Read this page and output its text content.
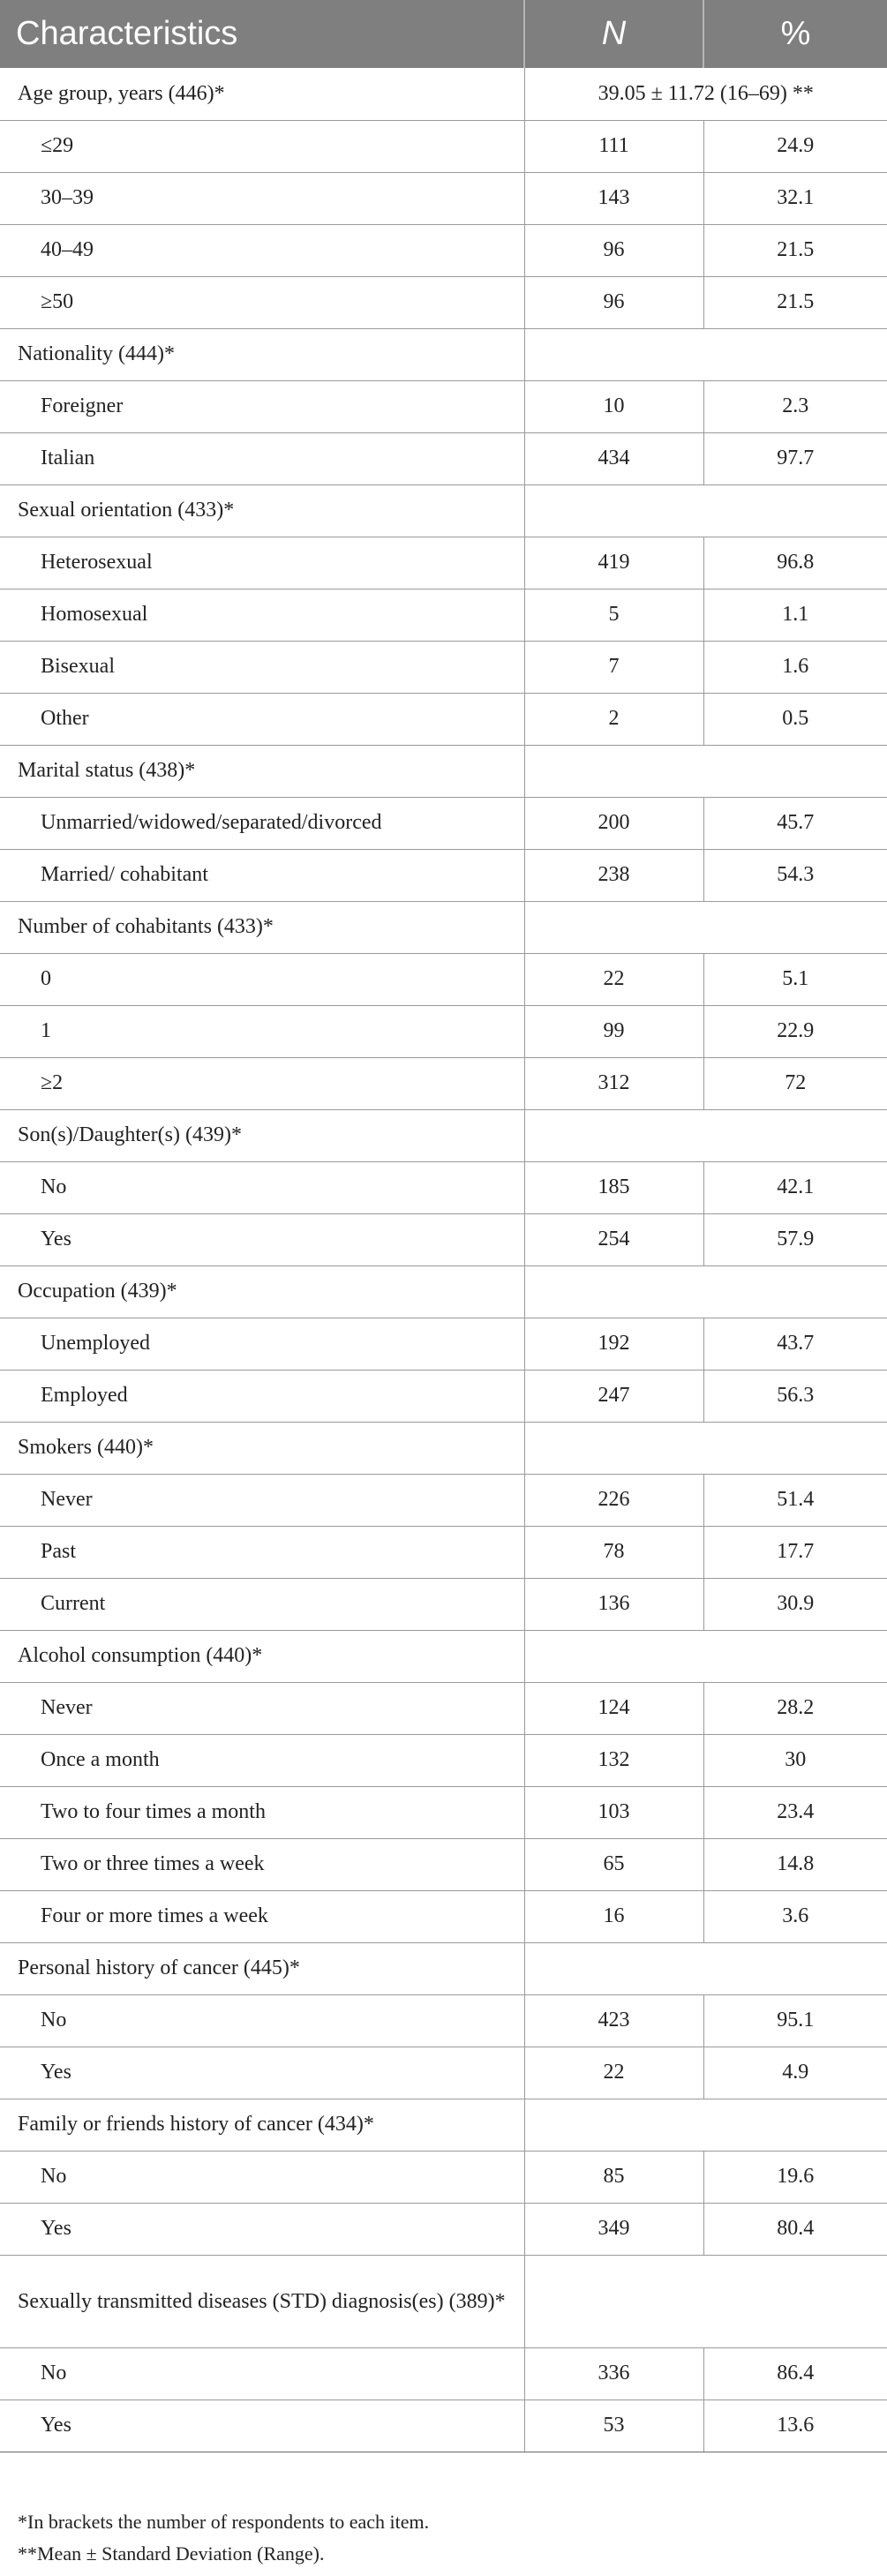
Characteristics	N	%
Age group, years (446)*	39.05 ± 11.72 (16–69) **	
≤29	111	24.9
30–39	143	32.1
40–49	96	21.5
≥50	96	21.5
Nationality (444)*		
Foreigner	10	2.3
Italian	434	97.7
Sexual orientation (433)*		
Heterosexual	419	96.8
Homosexual	5	1.1
Bisexual	7	1.6
Other	2	0.5
Marital status (438)*		
Unmarried/widowed/separated/divorced	200	45.7
Married/ cohabitant	238	54.3
Number of cohabitants (433)*		
0	22	5.1
1	99	22.9
≥2	312	72
Son(s)/Daughter(s) (439)*		
No	185	42.1
Yes	254	57.9
Occupation (439)*		
Unemployed	192	43.7
Employed	247	56.3
Smokers (440)*		
Never	226	51.4
Past	78	17.7
Current	136	30.9
Alcohol consumption (440)*		
Never	124	28.2
Once a month	132	30
Two to four times a month	103	23.4
Two or three times a week	65	14.8
Four or more times a week	16	3.6
Personal history of cancer (445)*		
No	423	95.1
Yes	22	4.9
Family or friends history of cancer (434)*		
No	85	19.6
Yes	349	80.4
Sexually transmitted diseases (STD) diagnosis(es) (389)*		
No	336	86.4
Yes	53	13.6
*In brackets the number of respondents to each item.
**Mean ± Standard Deviation (Range).
